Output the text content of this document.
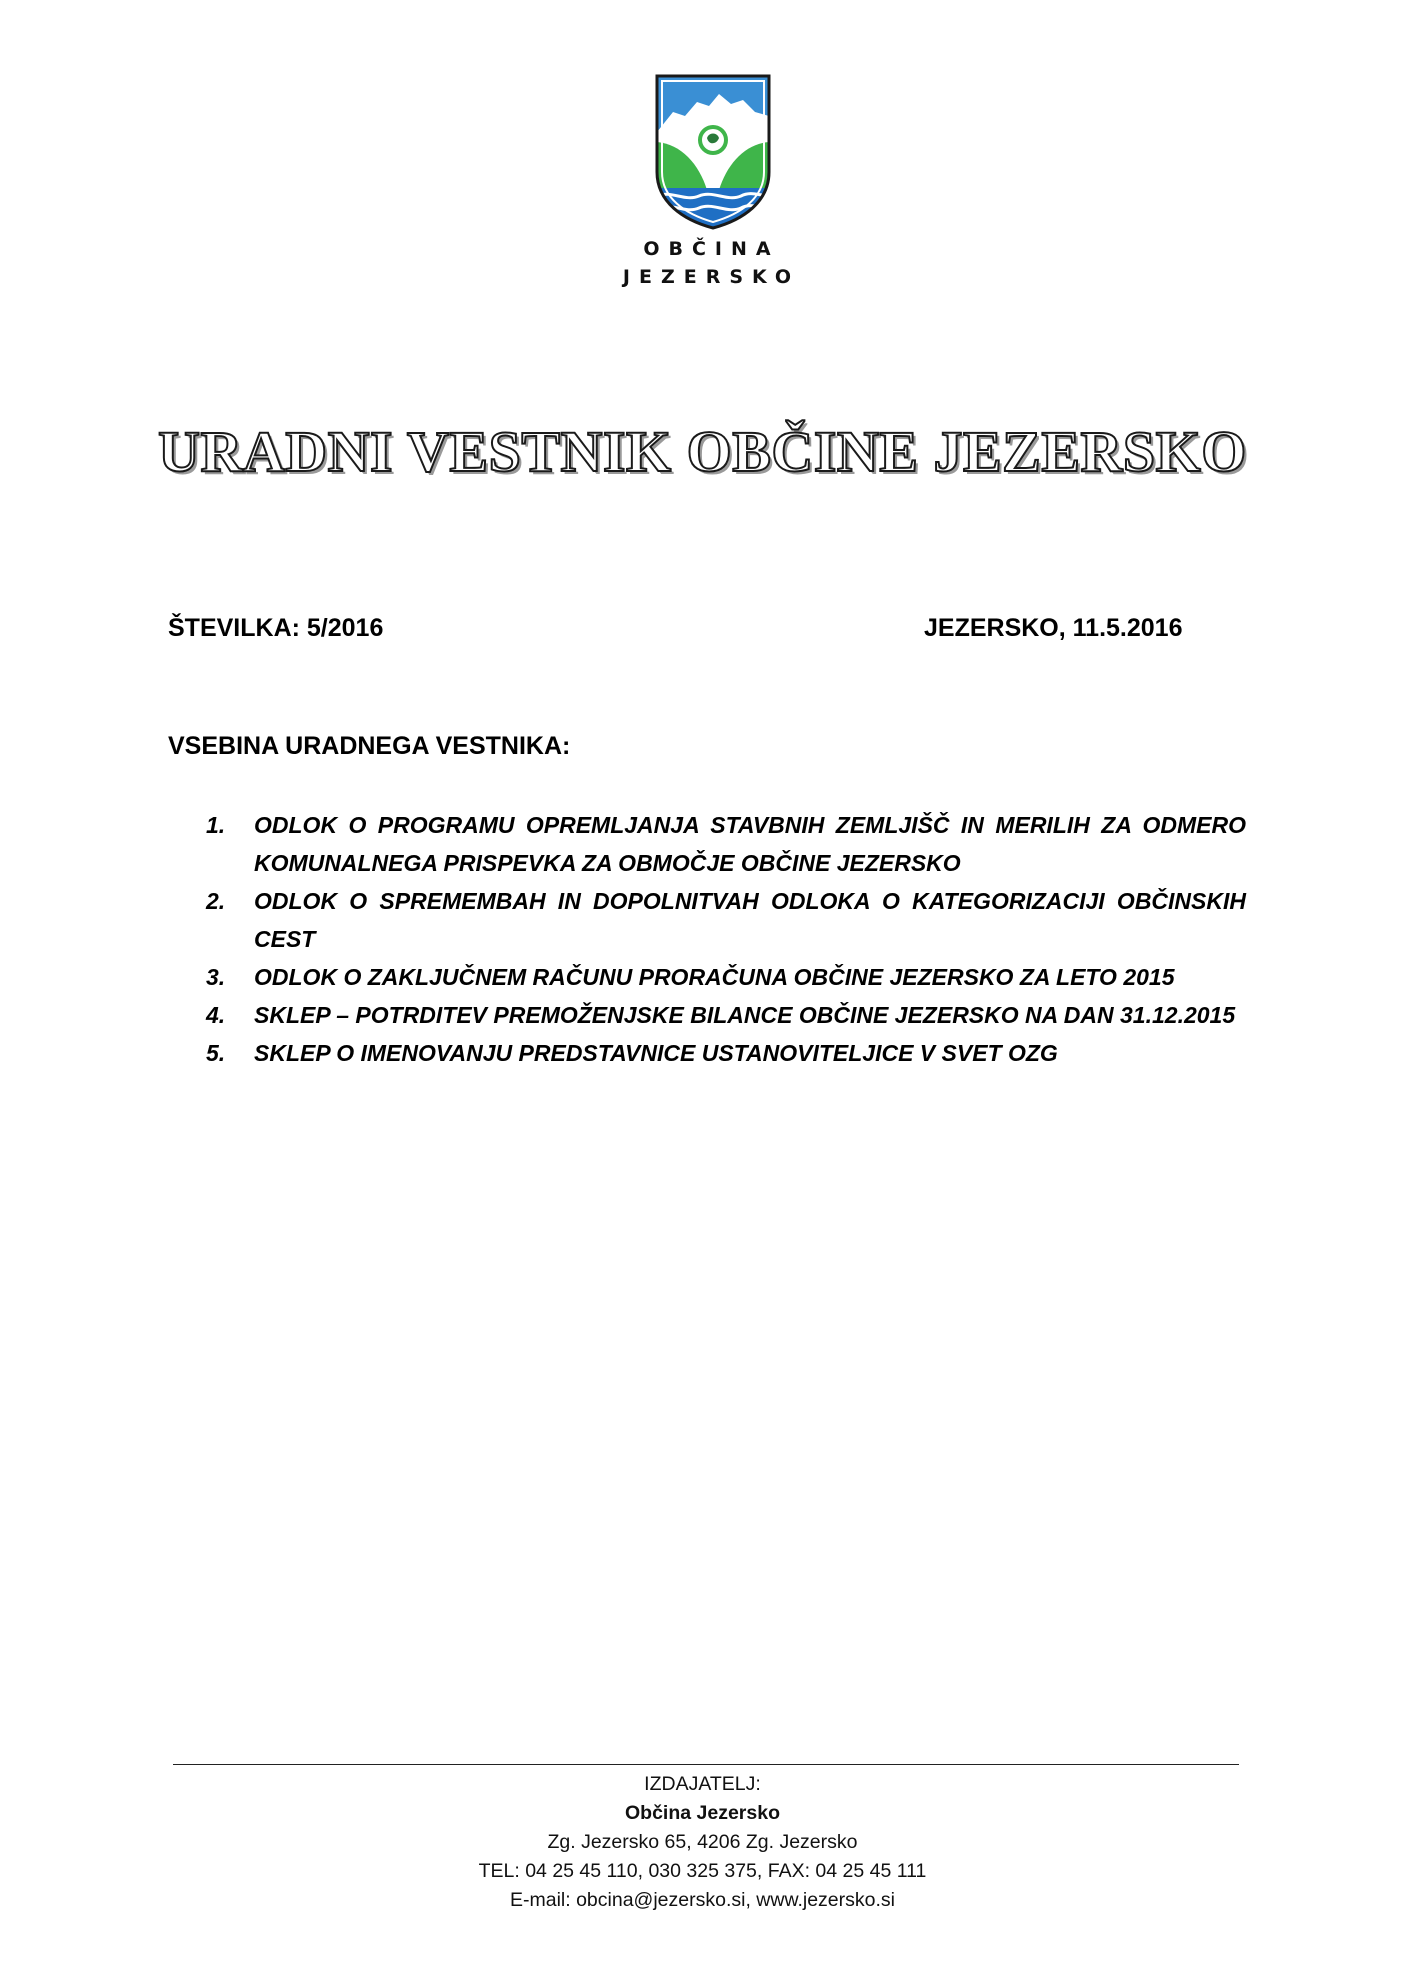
OBČINA
JEZERSKO
URADNI VESTNIK OBČINE JEZERSKO
ŠTEVILKA: 5/2016	JEZERSKO, 11.5.2016
VSEBINA URADNEGA VESTNIKA:
1. ODLOK O PROGRAMU OPREMLJANJA STAVBNIH ZEMLJIŠČ IN MERILIH ZA ODMERO KOMUNALNEGA PRISPEVKA ZA OBMOČJE OBČINE JEZERSKO
2. ODLOK O SPREMEMBAH IN DOPOLNITVAH ODLOKA O KATEGORIZACIJI OBČINSKIH CEST
3. ODLOK O ZAKLJUČNEM RAČUNU PRORAČUNA OBČINE JEZERSKO ZA LETO 2015
4. SKLEP – POTRDITEV PREMOŽENJSKE BILANCE OBČINE JEZERSKO NA DAN 31.12.2015
5. SKLEP O IMENOVANJU PREDSTAVNICE USTANOVITELJICE V SVET OZG
IZDAJATELJ:
Občina Jezersko
Zg. Jezersko 65, 4206 Zg. Jezersko
TEL: 04 25 45 110, 030 325 375, FAX: 04 25 45 111
E-mail: obcina@jezersko.si, www.jezersko.si
